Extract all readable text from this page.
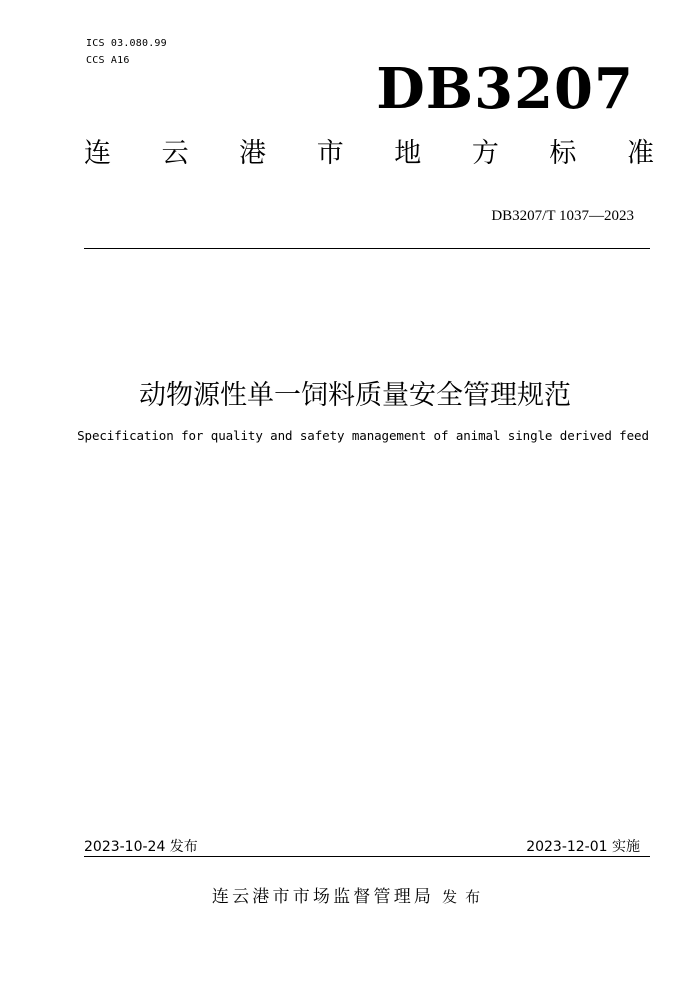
ICS 03.080.99
CCS A16	DB3207
连 云 港 市 地 方 标 准
DB3207/T 1037—2023
动物源性单一饲料质量安全管理规范
Specification for quality and safety management of animal single derived feed
2023-10-24 发布	2023-12-01 实施
连云港市市场监督管理局 发布
